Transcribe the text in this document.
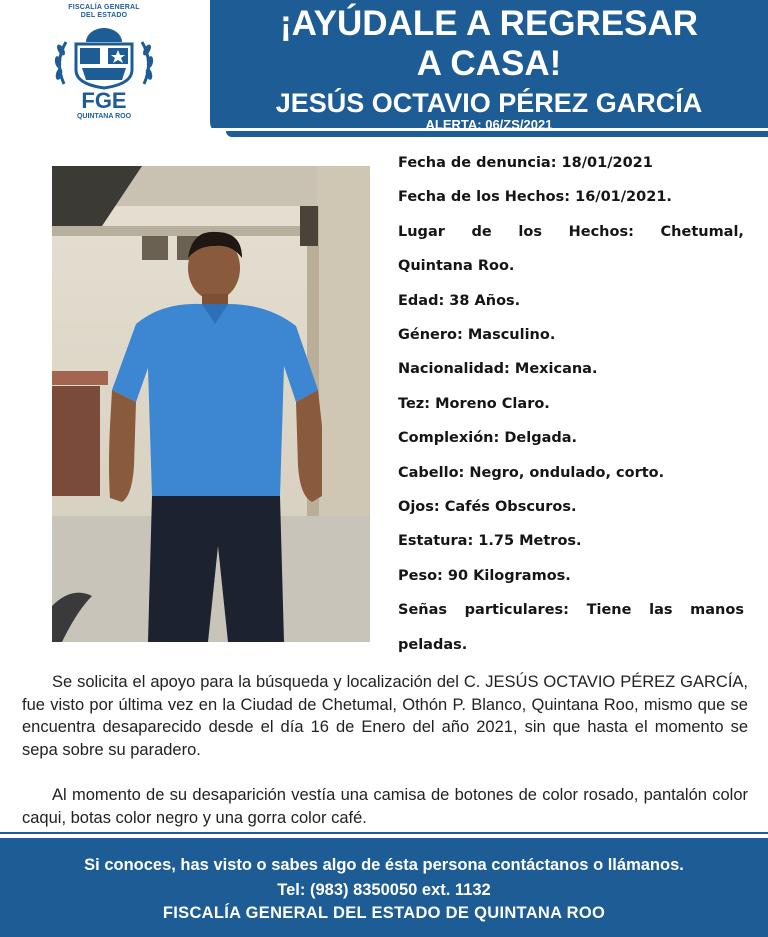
FISCALÍA GENERAL
DEL ESTADO
FGE
QUINTANA ROO
¡AYÚDALE A REGRESAR
A CASA!
JESÚS OCTAVIO PÉREZ GARCÍA
ALERTA: 06/ZS/2021
Fecha de denuncia: 18/01/2021
Fecha de los Hechos: 16/01/2021.
Lugar de los Hechos: Chetumal,
Quintana Roo.
Edad: 38 Años.
Género: Masculino.
Nacionalidad: Mexicana.
Tez: Moreno Claro.
Complexión: Delgada.
Cabello: Negro, ondulado, corto.
Ojos: Cafés Obscuros.
Estatura: 1.75 Metros.
Peso: 90 Kilogramos.
Señas particulares: Tiene las manos
peladas.

Se solicita el apoyo para la búsqueda y localización del C. JESÚS OCTAVIO PÉREZ GARCÍA, fue visto por última vez en la Ciudad de Chetumal, Othón P. Blanco, Quintana Roo, mismo que se encuentra desaparecido desde el día 16 de Enero del año 2021, sin que hasta el momento se sepa sobre su paradero.

Al momento de su desaparición vestía una camisa de botones de color rosado, pantalón color caqui, botas color negro y una gorra color café.

Si conoces, has visto o sabes algo de ésta persona contáctanos o llámanos.
Tel: (983) 8350050 ext. 1132
FISCALÍA GENERAL DEL ESTADO DE QUINTANA ROO
